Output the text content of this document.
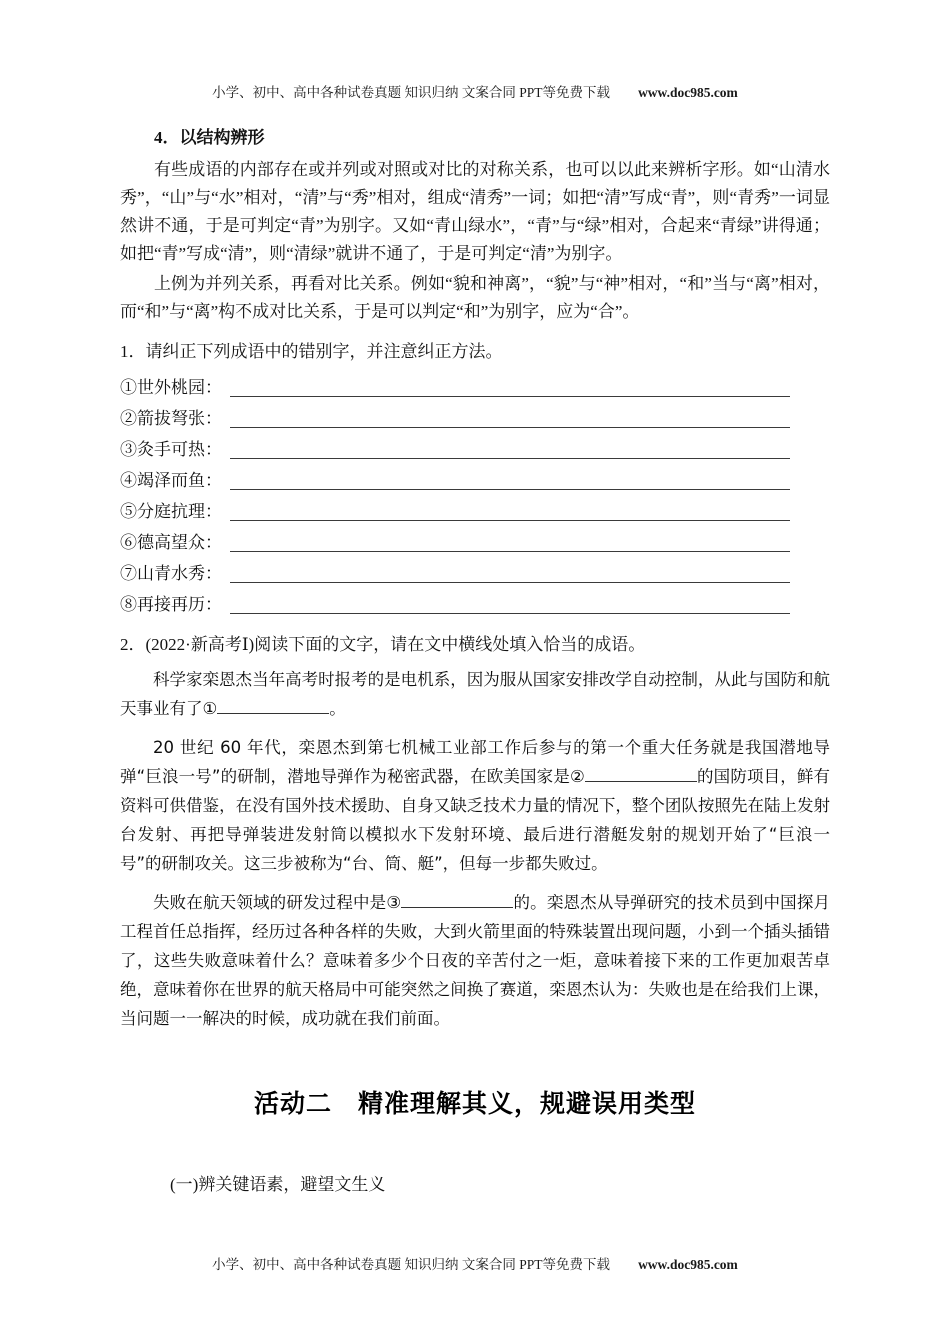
小学、初中、高中各种试卷真题 知识归纳 文案合同 PPT等免费下载 www.doc985.com
4．以结构辨形

有些成语的内部存在或并列或对照或对比的对称关系，也可以以此来辨析字形。如“山清水秀”，“山”与“水”相对，“清”与“秀”相对，组成“清秀”一词；如把“清”写成“青”，则“青秀”一词显然讲不通，于是可判定“青”为别字。又如“青山绿水”，“青”与“绿”相对，合起来“青绿”讲得通；如把“青”写成“清”，则“清绿”就讲不通了，于是可判定“清”为别字。

上例为并列关系，再看对比关系。例如“貌和神离”，“貌”与“神”相对，“和”当与“离”相对，而“和”与“离”构不成对比关系，于是可以判定“和”为别字，应为“合”。

1．请纠正下列成语中的错别字，并注意纠正方法。
①世外桃园：
②箭拔弩张：
③灸手可热：
④竭泽而鱼：
⑤分庭抗理：
⑥德高望众：
⑦山青水秀：
⑧再接再历：
2．(2022·新高考Ⅰ)阅读下面的文字，请在文中横线处填入恰当的成语。

科学家栾恩杰当年高考时报考的是电机系，因为服从国家安排改学自动控制，从此与国防和航天事业有了①	。

20 世纪 60 年代，栾恩杰到第七机械工业部工作后参与的第一个重大任务就是我国潜地导弹“巨浪一号”的研制，潜地导弹作为秘密武器，在欧美国家是②	的国防项目，鲜有资料可供借鉴，在没有国外技术援助、自身又缺乏技术力量的情况下，整个团队按照先在陆上发射台发射、再把导弹装进发射筒以模拟水下发射环境、最后进行潜艇发射的规划开始了“巨浪一号”的研制攻关。这三步被称为“台、筒、艇”，但每一步都失败过。

失败在航天领域的研发过程中是③	的。栾恩杰从导弹研究的技术员到中国探月工程首任总指挥，经历过各种各样的失败，大到火箭里面的特殊装置出现问题，小到一个插头插错了，这些失败意味着什么？意味着多少个日夜的辛苦付之一炬，意味着接下来的工作更加艰苦卓绝，意味着你在世界的航天格局中可能突然之间换了赛道，栾恩杰认为：失败也是在给我们上课，当问题一一解决的时候，成功就在我们前面。

活动二　精准理解其义，规避误用类型
(一)辨关键语素，避望文生义
小学、初中、高中各种试卷真题 知识归纳 文案合同 PPT等免费下载 www.doc985.com
